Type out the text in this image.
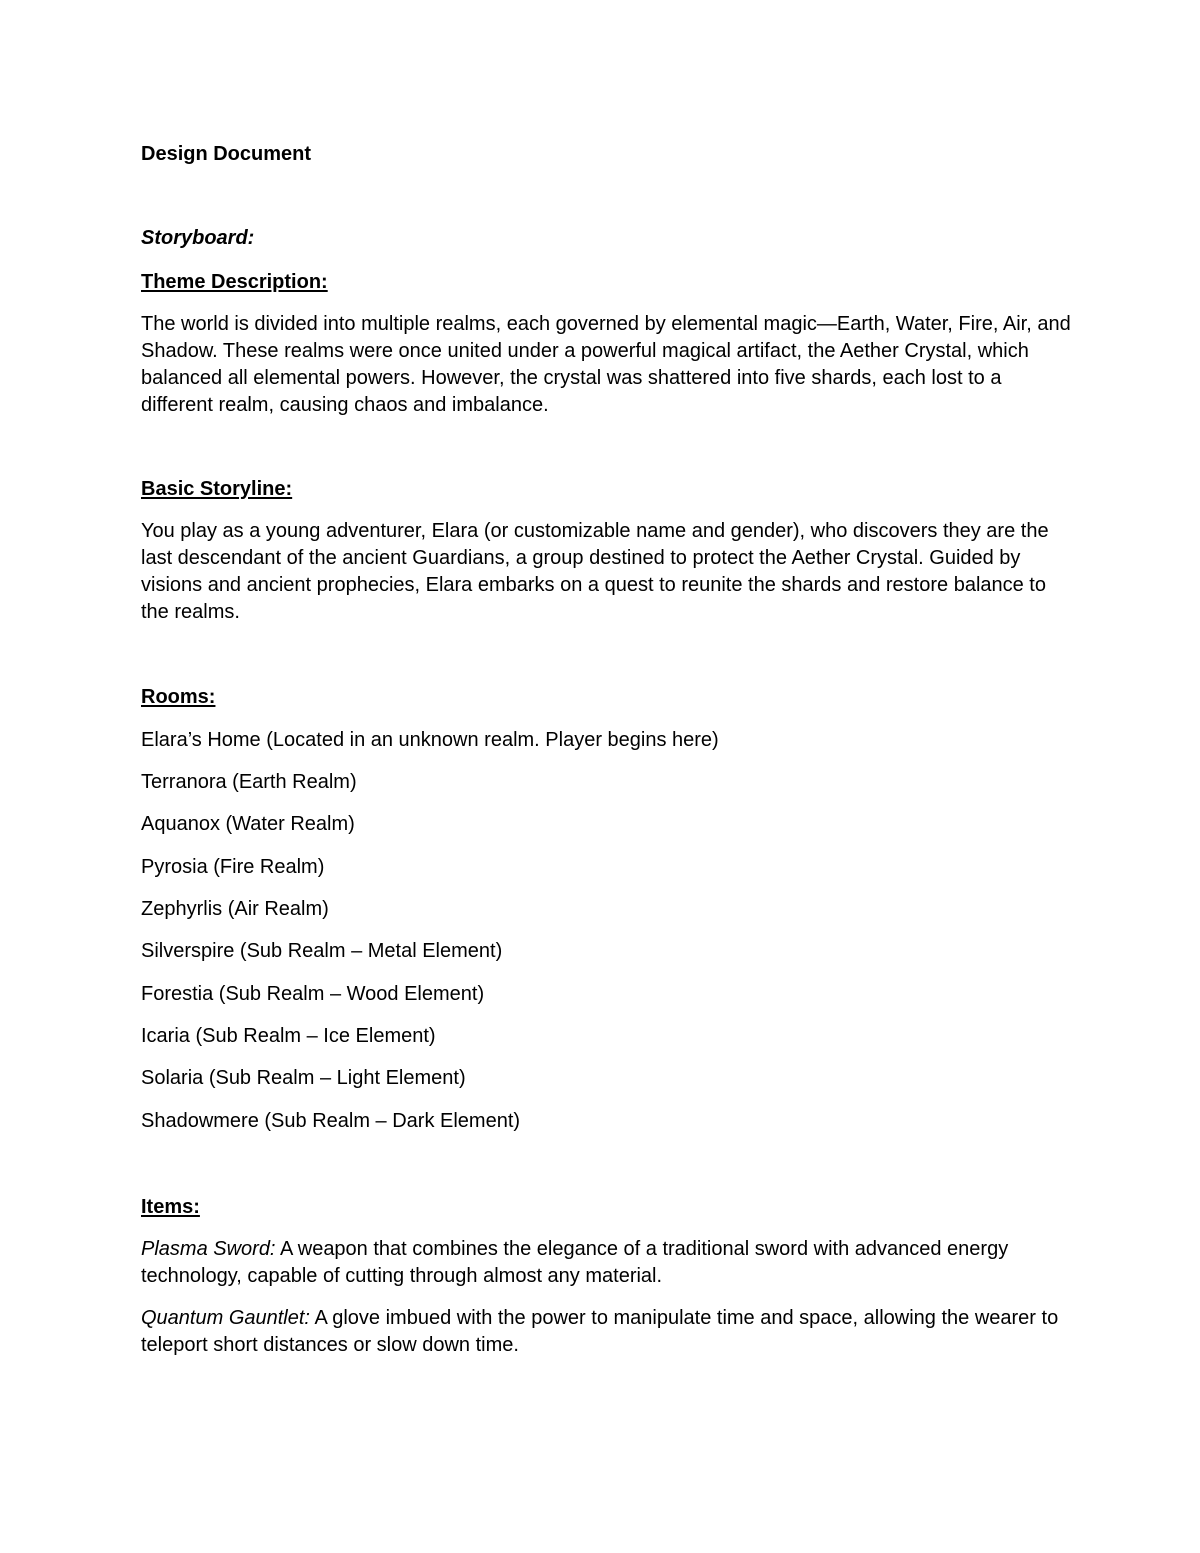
Design Document
Storyboard:
Theme Description:

The world is divided into multiple realms, each governed by elemental magic—Earth, Water, Fire, Air, and Shadow. These realms were once united under a powerful magical artifact, the Aether Crystal, which balanced all elemental powers. However, the crystal was shattered into five shards, each lost to a different realm, causing chaos and imbalance.

Basic Storyline:

You play as a young adventurer, Elara (or customizable name and gender), who discovers they are the last descendant of the ancient Guardians, a group destined to protect the Aether Crystal. Guided by visions and ancient prophecies, Elara embarks on a quest to reunite the shards and restore balance to the realms.

Rooms:
Elara’s Home (Located in an unknown realm. Player begins here)
Terranora (Earth Realm)
Aquanox (Water Realm)
Pyrosia (Fire Realm)
Zephyrlis (Air Realm)
Silverspire (Sub Realm – Metal Element)
Forestia (Sub Realm – Wood Element)
Icaria (Sub Realm – Ice Element)
Solaria (Sub Realm – Light Element)
Shadowmere (Sub Realm – Dark Element)
Items:

Plasma Sword: A weapon that combines the elegance of a traditional sword with advanced energy technology, capable of cutting through almost any material.

Quantum Gauntlet: A glove imbued with the power to manipulate time and space, allowing the wearer to teleport short distances or slow down time.
